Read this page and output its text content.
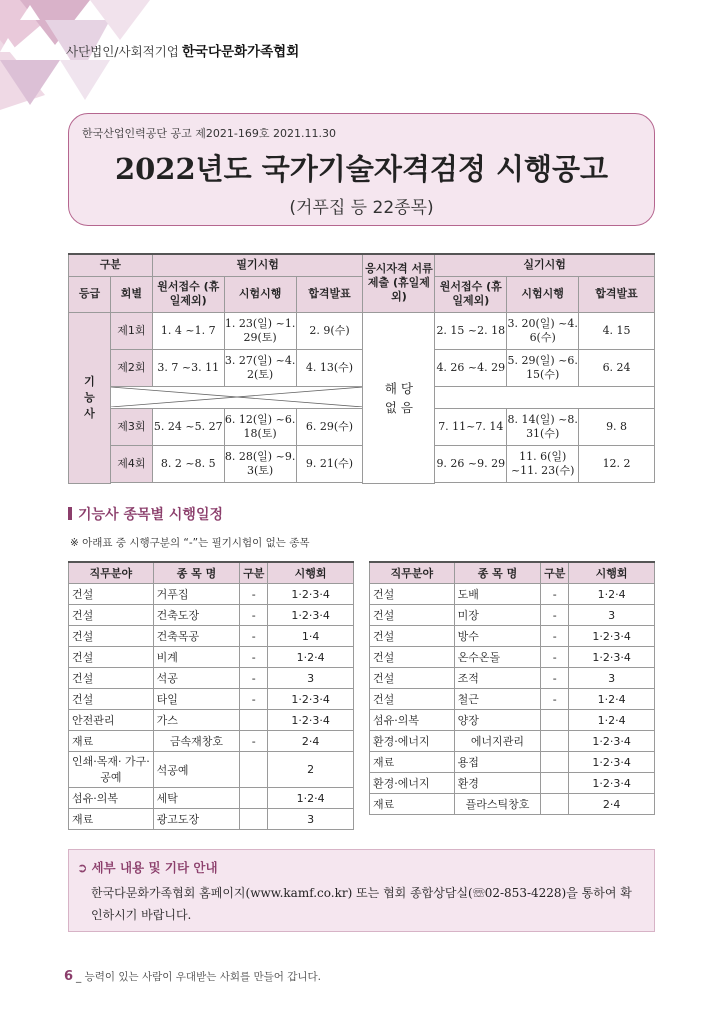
사단법인/사회적기업 한국다문화가족협회
한국산업인력공단 공고 제2021-169호 2021.11.30
2022년도 국가기술자격검정 시행공고
(거푸집 등 22종목)
구분		필기시험			응시자격 서류제출 (휴일제외)	실기시험		
등급	회별	원서접수 (휴일제외)	시험시행	합격발표		원서접수 (휴일제외)	시험시행	합격발표

기능사	제1회	1. 4 ~1. 7	1. 23(일) ~1. 29(토)	2. 9(수)	해 당 없 음	2. 15 ~2. 18	3. 20(일) ~4. 6(수)	4. 15
	제2회	3. 7 ~3. 11	3. 27(일) ~4. 2(토)	4. 13(수)		4. 26 ~4. 29	5. 29(일) ~6. 15(수)	6. 24

	제3회	5. 24 ~5. 27	6. 12(일) ~6. 18(토)	6. 29(수)		7. 11~7. 14	8. 14(일) ~8. 31(수)	9. 8
	제4회	8. 2 ~8. 5	8. 28(일) ~9. 3(토)	9. 21(수)		9. 26 ~9. 29	11. 6(일) ~11. 23(수)	12. 2

기능사 종목별 시행일정
※ 아래표 중 시행구분의 “-”는 필기시험이 없는 종목
직무분야	종 목 명	구분	시행회
건설	거푸집	-	1·2·3·4
건설	건축도장	-	1·2·3·4
건설	건축목공	-	1·4
건설	비계	-	1·2·4
건설	석공	-	3
건설	타일	-	1·2·3·4
안전관리	가스		1·2·3·4
재료	금속재창호	-	2·4
인쇄·목재· 가구·공예	석공예		2
섬유·의복	세탁		1·2·4
재료	광고도장		3
직무분야	종 목 명	구분	시행회
건설	도배	-	1·2·4
건설	미장	-	3
건설	방수	-	1·2·3·4
건설	온수온돌	-	1·2·3·4
건설	조적	-	3
건설	철근	-	1·2·4
섬유·의복	양장		1·2·4
환경·에너지	에너지관리		1·2·3·4
재료	용접		1·2·3·4
환경·에너지	환경		1·2·3·4
재료	플라스틱창호		2·4
➲ 세부 내용 및 기타 안내
한국다문화가족협회 홈페이지(www.kamf.co.kr) 또는 협회 종합상담실(☏02-853-4228)을 통하여 확인하시기 바랍니다.
6 _ 능력이 있는 사람이 우대받는 사회를 만들어 갑니다.
